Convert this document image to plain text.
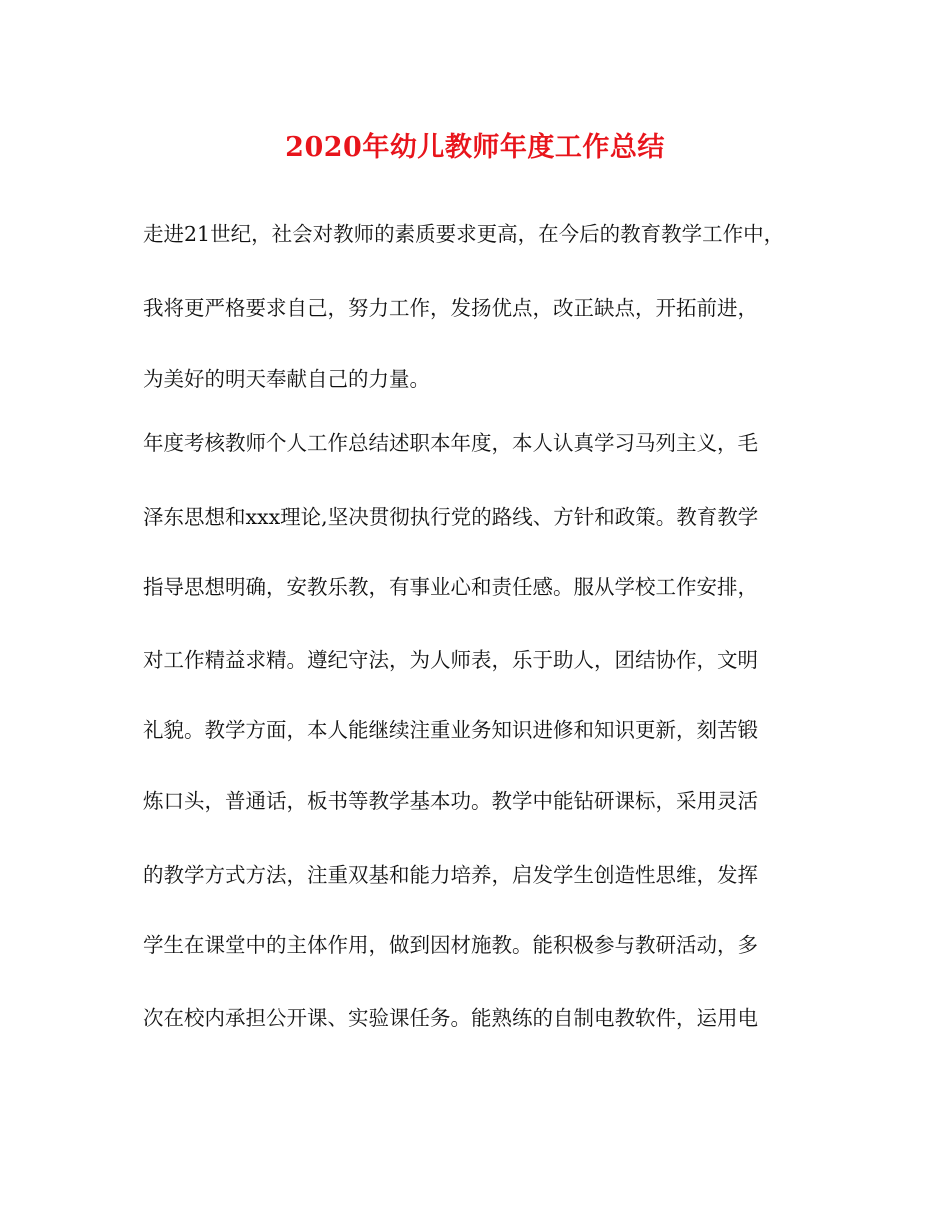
2020年幼儿教师年度工作总结
走进21世纪，社会对教师的素质要求更高，在今后的教育教学工作中，
我将更严格要求自己，努力工作，发扬优点，改正缺点，开拓前进，
为美好的明天奉献自己的力量。
年度考核教师个人工作总结述职本年度，本人认真学习马列主义，毛
泽东思想和xxx理论,坚决贯彻执行党的路线、方针和政策。教育教学
指导思想明确，安教乐教，有事业心和责任感。服从学校工作安排，
对工作精益求精。遵纪守法，为人师表，乐于助人，团结协作，文明
礼貌。教学方面，本人能继续注重业务知识进修和知识更新，刻苦锻
炼口头，普通话，板书等教学基本功。教学中能钻研课标，采用灵活
的教学方式方法，注重双基和能力培养，启发学生创造性思维，发挥
学生在课堂中的主体作用，做到因材施教。能积极参与教研活动，多
次在校内承担公开课、实验课任务。能熟练的自制电教软件，运用电
